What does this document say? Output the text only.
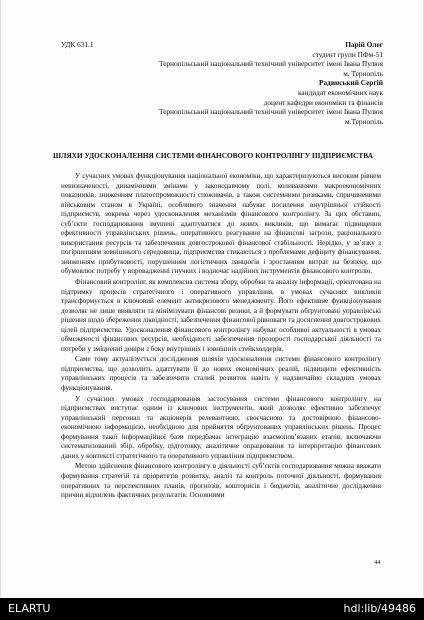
УДК 631.1	Парій Олег
студент групи ПФм-51
Тернопільський національний технічний університет імені Івана Пулюя
м. Тернопіль
Радинський Сергій
кандидат економічних наук
доцент кафедри економіки та фінансів
Тернопільський національний технічний університет імені Івана Пулюя
м.Тернопіль
ШЛЯХИ УДОСКОНАЛЕННЯ СИСТЕМИ ФІНАНСОВОГО КОНТРОЛІНГУ ПІДПРИЄМСТВА

У сучасних умовах функціонування національної економіки, що характеризуються високим рівнем невизначеності, динамічними змінами у законодавчому полі, коливаннями макроекономічних показників, зниженням платоспроможності споживачів, а також системними ризиками, спричиненими військовим станом в Україні, особливого значення набуває посилення внутрішньої стійкості підприємств, зокрема через удосконалення механізмів фінансового контролінгу. За цих обставин, суб’єкти господарювання змушені адаптуватися до нових викликів, що вимагає підвищення ефективності управлінських рішень, оперативного реагування на фінансові загрози, раціонального використання ресурсів та забезпечення довгострокової фінансової стабільності. Нерідко, у зв’язку з погіршенням зовнішнього середовища, підприємства стикаються з проблемами дефіциту фінансування, зниженням прибутковості, порушенням логістичних ланцюгів і зростанням витрат на безпеку, що обумовлює потребу у впровадженні гнучких і водночас надійних інструментів фінансового контролю.

Фінансовий контролінг, як комплексна система збору, обробки та аналізу інформації, орієнтована на підтримку процесів стратегічного і оперативного управління, в умовах сучасних викликів трансформується в ключовий елемент антикризового менеджменту. Його ефективне функціонування дозволяє не лише виявляти та мінімізувати фінансові ризики, а й формувати обґрунтовані управлінські рішення щодо збереження ліквідності, забезпечення фінансової рівноваги та досягнення довгострокових цілей підприємства. Удосконалення фінансового контролінгу набуває особливої актуальності в умовах обмеженості фінансових ресурсів, необхідності забезпечення прозорості господарської діяльності та потреби у зміцненні довіри з боку внутрішніх і зовнішніх стейкхолдерів.

Саме тому актуалізується дослідження шляхів удосконалення системи фінансового контролінгу підприємства, що дозволить адаптувати її до нових економічних реалій, підвищити ефективність управлінських процесів та забезпечити сталий розвиток навіть у надзвичайно складних умовах функціонування.

У сучасних умовах господарювання застосування системи фінансового контролінгу на підприємствах виступає одним із ключових інструментів, який дозволяє ефективно забезпечує управлінський персонал та акціонерів релевантною, своєчасною та достовірною фінансово-економічною інформацією, необхідною для прийняття обґрунтованих управлінських рішень. Процес формування такої інформаційної бази передбачає інтеграцію взаємопов’язаних етапів, включаючи систематизований збір, обробку, підготовку, аналітичне опрацювання та інтерпретацію фінансових даних у контексті стратегічного та оперативного управління підприємством.

Метою здійснення фінансового контролінгу в діяльності суб’єктів господарювання можна вважати формування стратегій та пріоритетів розвитку, аналіз та контроль поточної діяльності, формування оперативних та перспективних планів, прогнозів, кошторисів і бюджетів, аналітичне дослідження причин відхилень фактичних результатів. Основними

44
ELARTU	hdl:lib/49486
